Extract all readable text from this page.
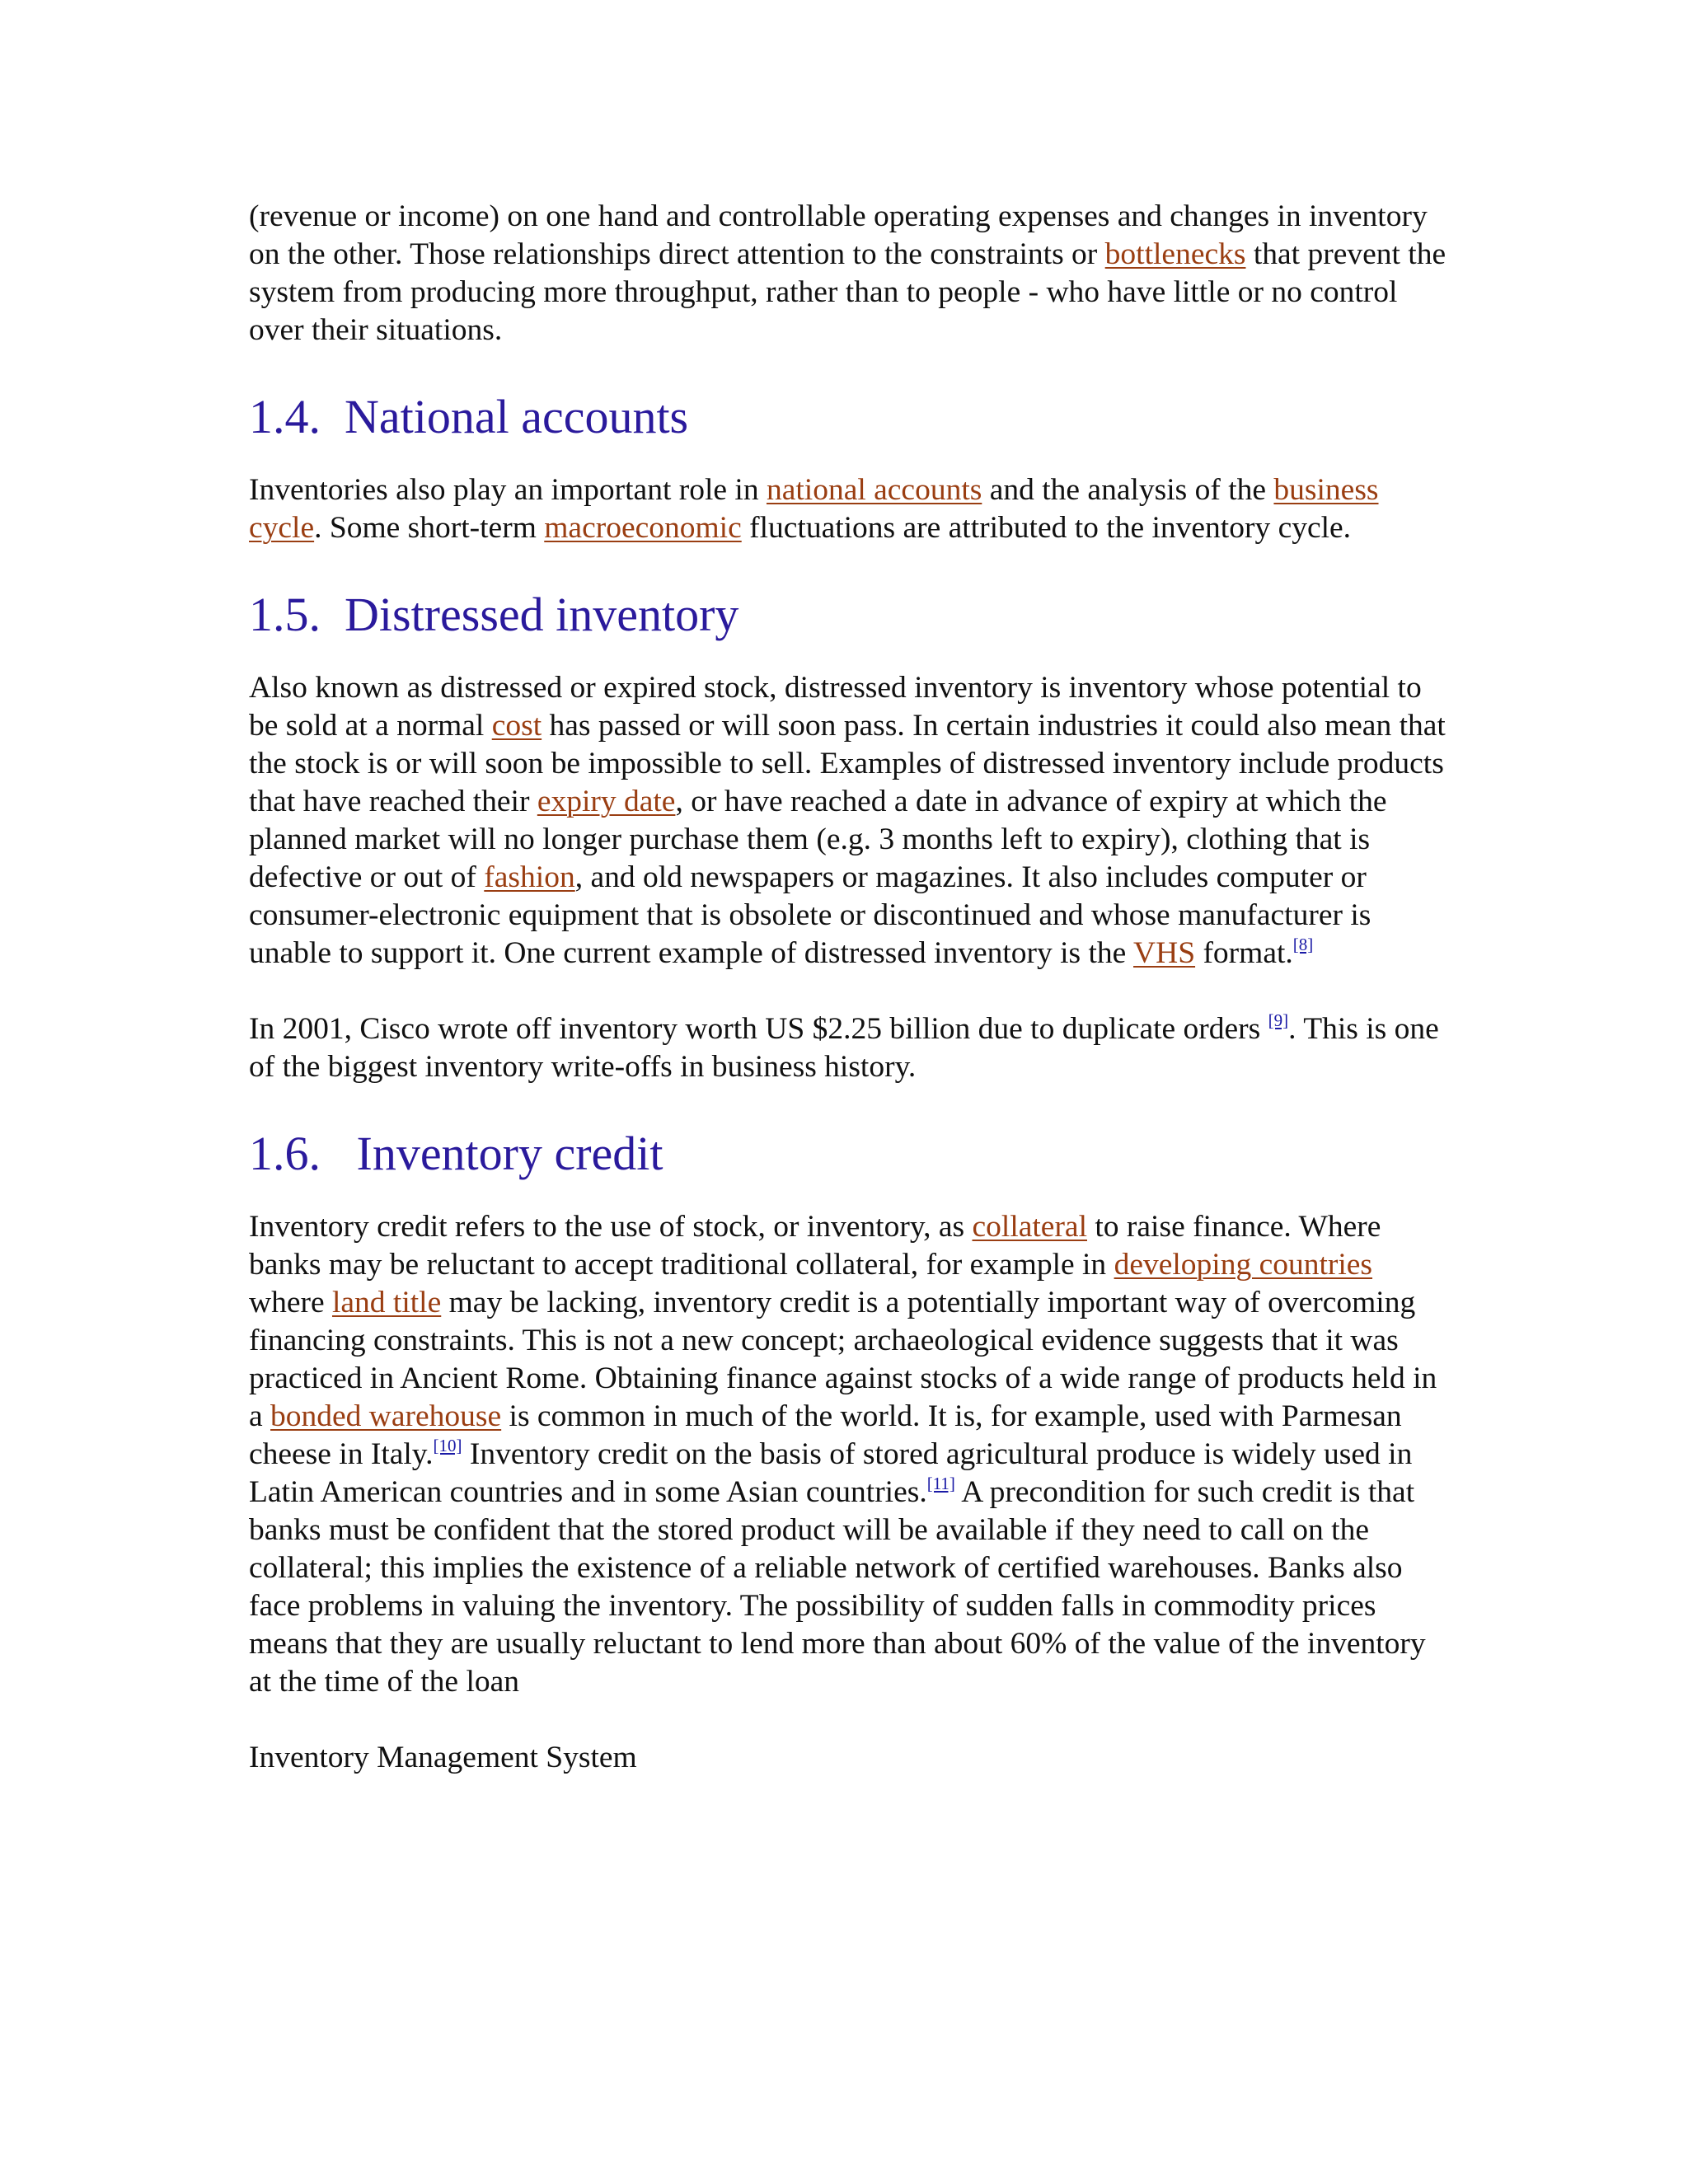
(revenue or income) on one hand and controllable operating expenses and changes in inventory on the other. Those relationships direct attention to the constraints or bottlenecks that prevent the system from producing more throughput, rather than to people - who have little or no control over their situations.

1.4. National accounts

Inventories also play an important role in national accounts and the analysis of the business cycle. Some short-term macroeconomic fluctuations are attributed to the inventory cycle.

1.5. Distressed inventory

Also known as distressed or expired stock, distressed inventory is inventory whose potential to be sold at a normal cost has passed or will soon pass. In certain industries it could also mean that the stock is or will soon be impossible to sell. Examples of distressed inventory include products that have reached their expiry date, or have reached a date in advance of expiry at which the planned market will no longer purchase them (e.g. 3 months left to expiry), clothing that is defective or out of fashion, and old newspapers or magazines. It also includes computer or consumer-electronic equipment that is obsolete or discontinued and whose manufacturer is unable to support it. One current example of distressed inventory is the VHS format.[8]

In 2001, Cisco wrote off inventory worth US $2.25 billion due to duplicate orders [9]. This is one of the biggest inventory write-offs in business history.

1.6. Inventory credit

Inventory credit refers to the use of stock, or inventory, as collateral to raise finance. Where banks may be reluctant to accept traditional collateral, for example in developing countries where land title may be lacking, inventory credit is a potentially important way of overcoming financing constraints. This is not a new concept; archaeological evidence suggests that it was practiced in Ancient Rome. Obtaining finance against stocks of a wide range of products held in a bonded warehouse is common in much of the world. It is, for example, used with Parmesan cheese in Italy.[10] Inventory credit on the basis of stored agricultural produce is widely used in Latin American countries and in some Asian countries.[11] A precondition for such credit is that banks must be confident that the stored product will be available if they need to call on the collateral; this implies the existence of a reliable network of certified warehouses. Banks also face problems in valuing the inventory. The possibility of sudden falls in commodity prices means that they are usually reluctant to lend more than about 60% of the value of the inventory at the time of the loan

Inventory Management System
